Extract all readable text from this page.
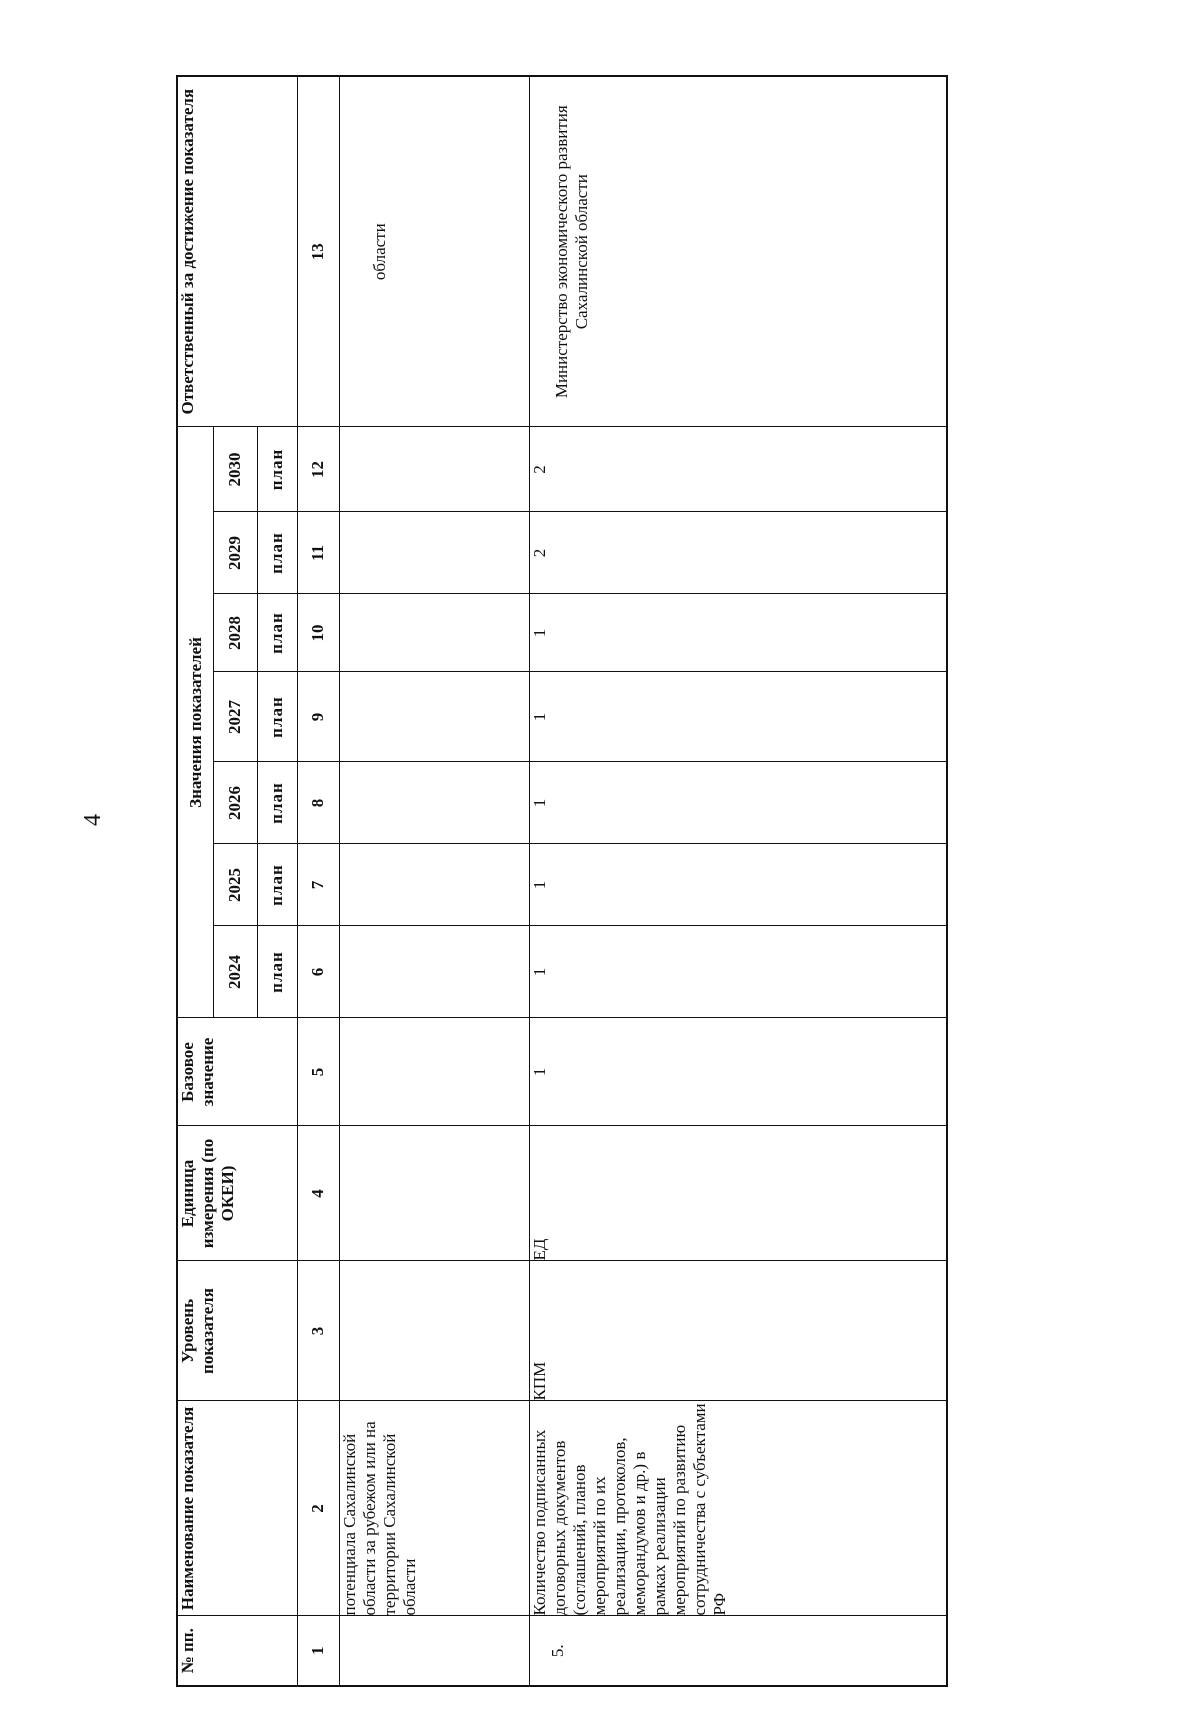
4
№ пп.	Наименование показателя	Уровень показателя	Единица измерения (по ОКЕИ)	Базовое значение	Значения показателей							Ответственный за достижение показателя
					2024	2025	2026	2027	2028	2029	2030	
					план	план	план	план	план	план	план	
1	2	3	4	5	6	7	8	9	10	11	12	13
	потенциала Сахалинской области за рубежом или на территории Сахалинской области											области
5.	Количество подписанных договорных документов (соглашений, планов мероприятий по их реализации, протоколов, меморандумов и др.) в рамках реализации мероприятий по развитию сотрудничества с субъектами РФ	КПМ	ЕД	1	1	1	1	1	1	2	2	Министерство экономического развития Сахалинской области
